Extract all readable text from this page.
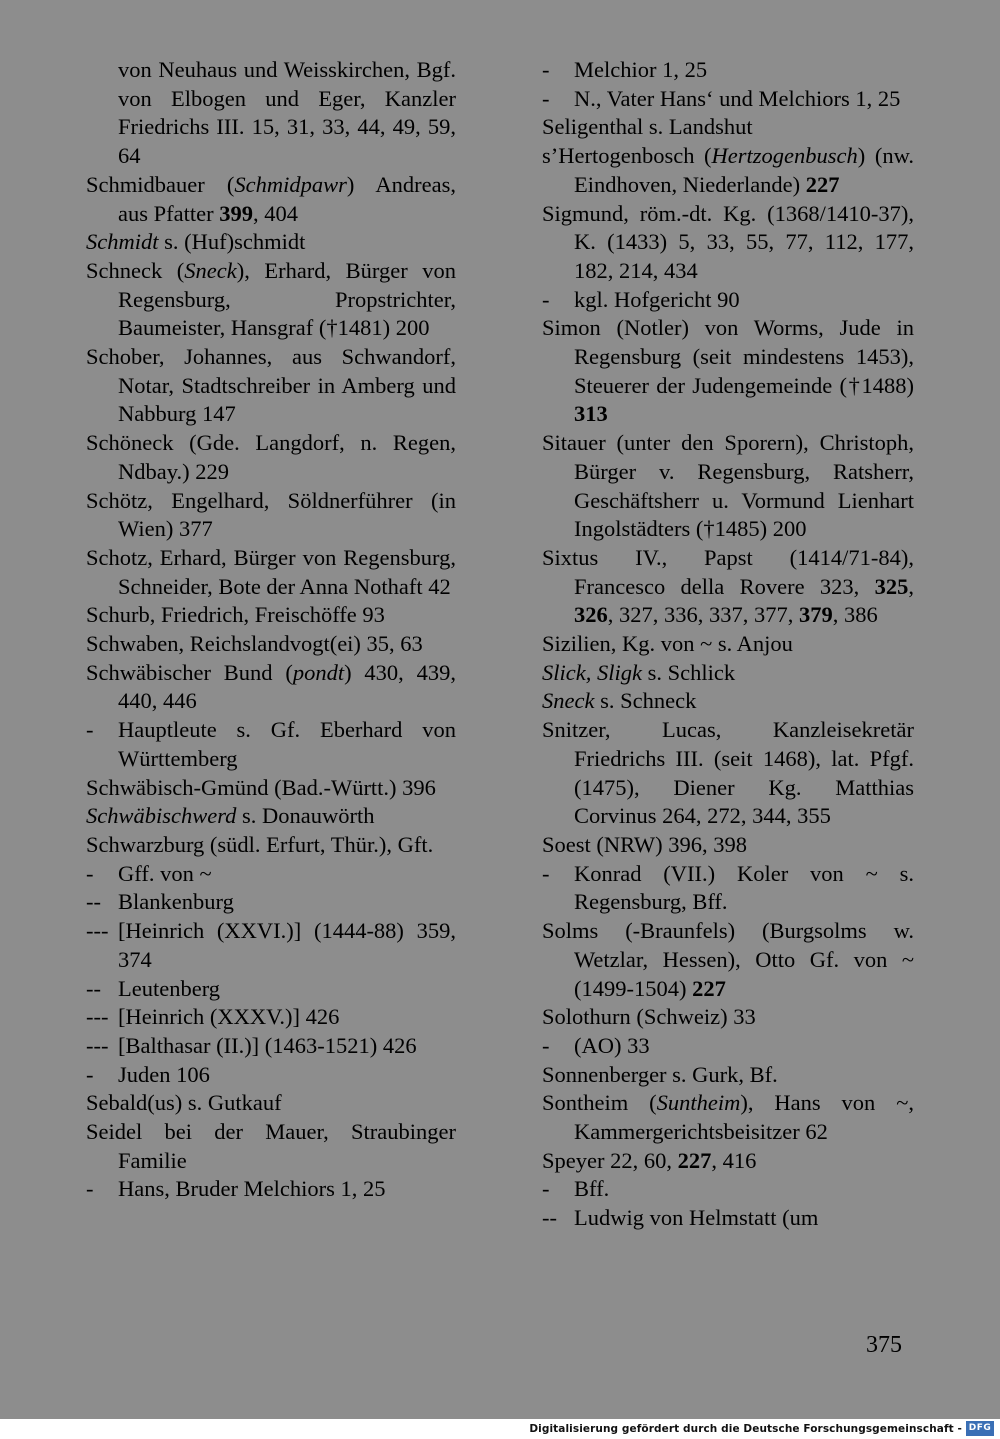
von Neuhaus und Weisskirchen, Bgf. von Elbogen und Eger, Kanzler Friedrichs III. 15, 31, 33, 44, 49, 59, 64

Schmidbauer (Schmidpawr) Andreas, aus Pfatter 399, 404

Schmidt s. (Huf)schmidt

Schneck (Sneck), Erhard, Bürger von Regensburg, Propstrichter, Baumeister, Hansgraf (†1481) 200

Schober, Johannes, aus Schwandorf, Notar, Stadtschreiber in Amberg und Nabburg 147

Schöneck (Gde. Langdorf, n. Regen, Ndbay.) 229

Schötz, Engelhard, Söldnerführer (in Wien) 377

Schotz, Erhard, Bürger von Regensburg, Schneider, Bote der Anna Nothaft 42

Schurb, Friedrich, Freischöffe 93

Schwaben, Reichslandvogt(ei) 35, 63

Schwäbischer Bund (pondt) 430, 439, 440, 446

- Hauptleute s. Gf. Eberhard von Württemberg

Schwäbisch-Gmünd (Bad.-Württ.) 396

Schwäbischwerd s. Donauwörth

Schwarzburg (südl. Erfurt, Thür.), Gft.

- Gff. von ~

-- Blankenburg

--- [Heinrich (XXVI.)] (1444-88) 359, 374

-- Leutenberg

--- [Heinrich (XXXV.)] 426

--- [Balthasar (II.)] (1463-1521) 426

- Juden 106

Sebald(us) s. Gutkauf

Seidel bei der Mauer, Straubinger Familie

- Hans, Bruder Melchiors 1, 25

- Melchior 1, 25

- N., Vater Hans‘ und Melchiors 1, 25

Seligenthal s. Landshut

s’Hertogenbosch (Hertzogenbusch) (nw. Eindhoven, Niederlande) 227

Sigmund, röm.-dt. Kg. (1368/1410-37), K. (1433) 5, 33, 55, 77, 112, 177, 182, 214, 434

- kgl. Hofgericht 90

Simon (Notler) von Worms, Jude in Regensburg (seit mindestens 1453), Steuerer der Judengemeinde (†1488) 313

Sitauer (unter den Sporern), Christoph, Bürger v. Regensburg, Ratsherr, Geschäftsherr u. Vormund Lienhart Ingolstädters (†1485) 200

Sixtus IV., Papst (1414/71-84), Francesco della Rovere 323, 325, 326, 327, 336, 337, 377, 379, 386

Sizilien, Kg. von ~ s. Anjou

Slick, Sligk s. Schlick

Sneck s. Schneck

Snitzer, Lucas, Kanzleisekretär Friedrichs III. (seit 1468), lat. Pfgf. (1475), Diener Kg. Matthias Corvinus 264, 272, 344, 355

Soest (NRW) 396, 398

- Konrad (VII.) Koler von ~ s. Regensburg, Bff.

Solms (-Braunfels) (Burgsolms w. Wetzlar, Hessen), Otto Gf. von ~ (1499-1504) 227

Solothurn (Schweiz) 33

- (AO) 33

Sonnenberger s. Gurk, Bf.

Sontheim (Suntheim), Hans von ~, Kammergerichtsbeisitzer 62

Speyer 22, 60, 227, 416

- Bff.

-- Ludwig von Helmstatt (um

375
Digitalisierung gefördert durch die Deutsche Forschungsgemeinschaft - DFG
